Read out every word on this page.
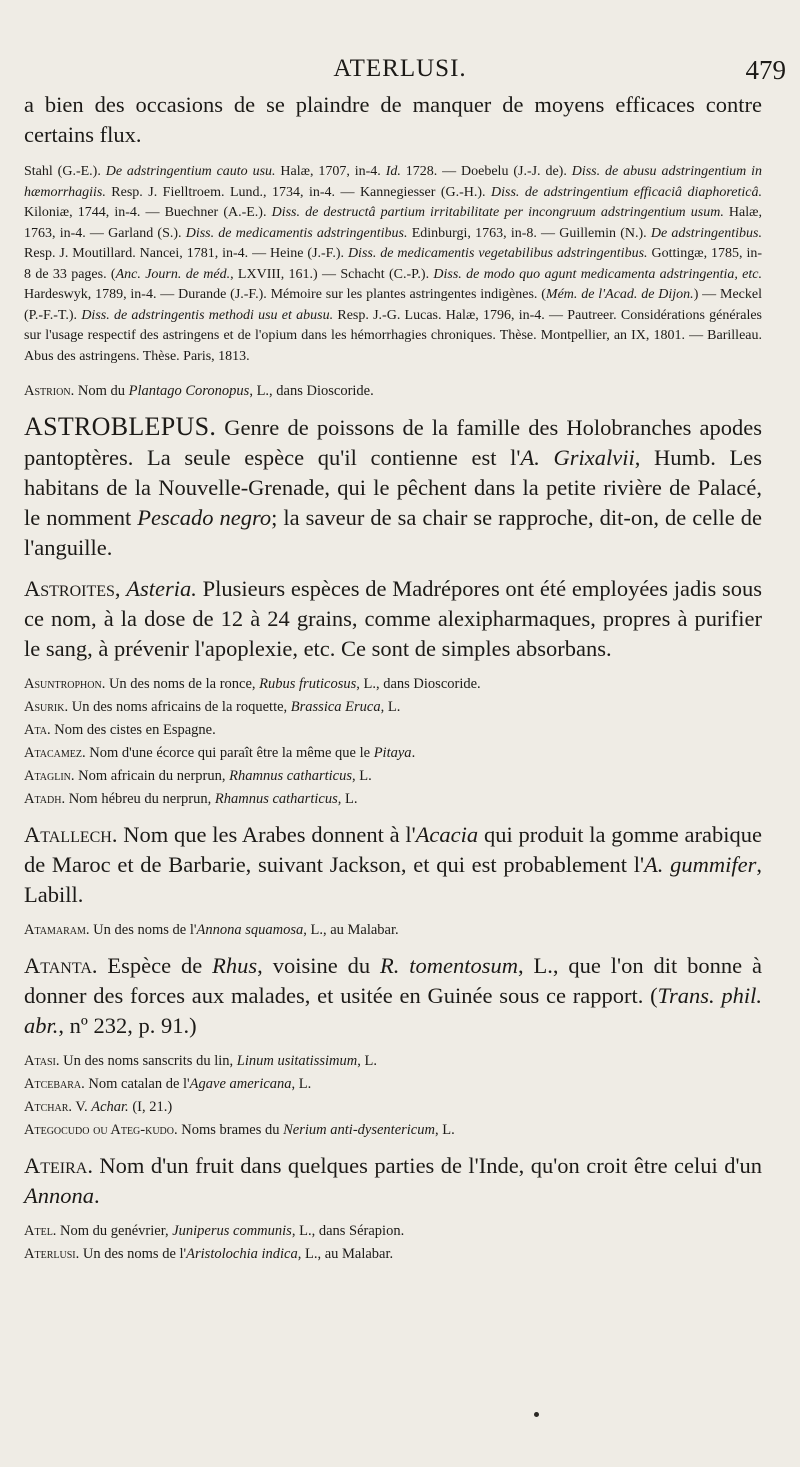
ATERLUSI.	479

a bien des occasions de se plaindre de manquer de moyens efficaces contre certains flux.

Stahl (G.-E.). De adstringentium cauto usu. Halæ, 1707, in-4. Id. 1728. — Doebelu (J.-J. de). Diss. de abusu adstringentium in hæmorrhagiis. Resp. J. Fielltroem. Lund., 1734, in-4. — Kannegiesser (G.-H.). Diss. de adstringentium efficaciâ diaphoreticâ. Kiloniæ, 1744, in-4. — Buechner (A.-E.). Diss. de destructâ partium irritabilitate per incongruum adstringentium usum. Halæ, 1763, in-4. — Garland (S.). Diss. de medicamentis adstringentibus. Edinburgi, 1763, in-8. — Guillemin (N.). De adstringentibus. Resp. J. Moutillard. Nancei, 1781, in-4. — Heine (J.-F.). Diss. de medicamentis vegetabilibus adstringentibus. Gottingæ, 1785, in-8 de 33 pages. (Anc. Journ. de méd., LXVIII, 161.) — Schacht (C.-P.). Diss. de modo quo agunt medicamenta adstringentia, etc. Hardeswyk, 1789, in-4. — Durande (J.-F.). Mémoire sur les plantes astringentes indigènes. (Mém. de l'Acad. de Dijon.) — Meckel (P.-F.-T.). Diss. de adstringentis methodi usu et abusu. Resp. J.-G. Lucas. Halæ, 1796, in-4. — Pautreer. Considérations générales sur l'usage respectif des astringens et de l'opium dans les hémorrhagies chroniques. Thèse. Montpellier, an IX, 1801. — Barilleau. Abus des astringens. Thèse. Paris, 1813.

Astrion. Nom du Plantago Coronopus, L., dans Dioscoride.

ASTROBLEPUS. Genre de poissons de la famille des Holobranches apodes pantoptères. La seule espèce qu'il contienne est l'A. Grixalvii, Humb. Les habitans de la Nouvelle-Grenade, qui le pêchent dans la petite rivière de Palacé, le nomment Pescado negro; la saveur de sa chair se rapproche, dit-on, de celle de l'anguille.

Astroites, Asteria. Plusieurs espèces de Madrépores ont été employées jadis sous ce nom, à la dose de 12 à 24 grains, comme alexipharmaques, propres à purifier le sang, à prévenir l'apoplexie, etc. Ce sont de simples absorbans.

Asuntrophon. Un des noms de la ronce, Rubus fruticosus, L., dans Dioscoride.

Asurik. Un des noms africains de la roquette, Brassica Eruca, L.

Ata. Nom des cistes en Espagne.

Atacamez. Nom d'une écorce qui paraît être la même que le Pitaya.

Ataglin. Nom africain du nerprun, Rhamnus catharticus, L.

Atadh. Nom hébreu du nerprun, Rhamnus catharticus, L.

Atallech. Nom que les Arabes donnent à l'Acacia qui produit la gomme arabique de Maroc et de Barbarie, suivant Jackson, et qui est probablement l'A. gummifer, Labill.

Atamaram. Un des noms de l'Annona squamosa, L., au Malabar.

Atanta. Espèce de Rhus, voisine du R. tomentosum, L., que l'on dit bonne à donner des forces aux malades, et usitée en Guinée sous ce rapport. (Trans. phil. abr., nº 232, p. 91.)

Atasi. Un des noms sanscrits du lin, Linum usitatissimum, L.

Atcebara. Nom catalan de l'Agave americana, L.

Atchar. V. Achar. (I, 21.)

Ategocudo ou Ateg-kudo. Noms brames du Nerium anti-dysentericum, L.

Ateira. Nom d'un fruit dans quelques parties de l'Inde, qu'on croit être celui d'un Annona.

Atel. Nom du genévrier, Juniperus communis, L., dans Sérapion.

Aterlusi. Un des noms de l'Aristolochia indica, L., au Malabar.
